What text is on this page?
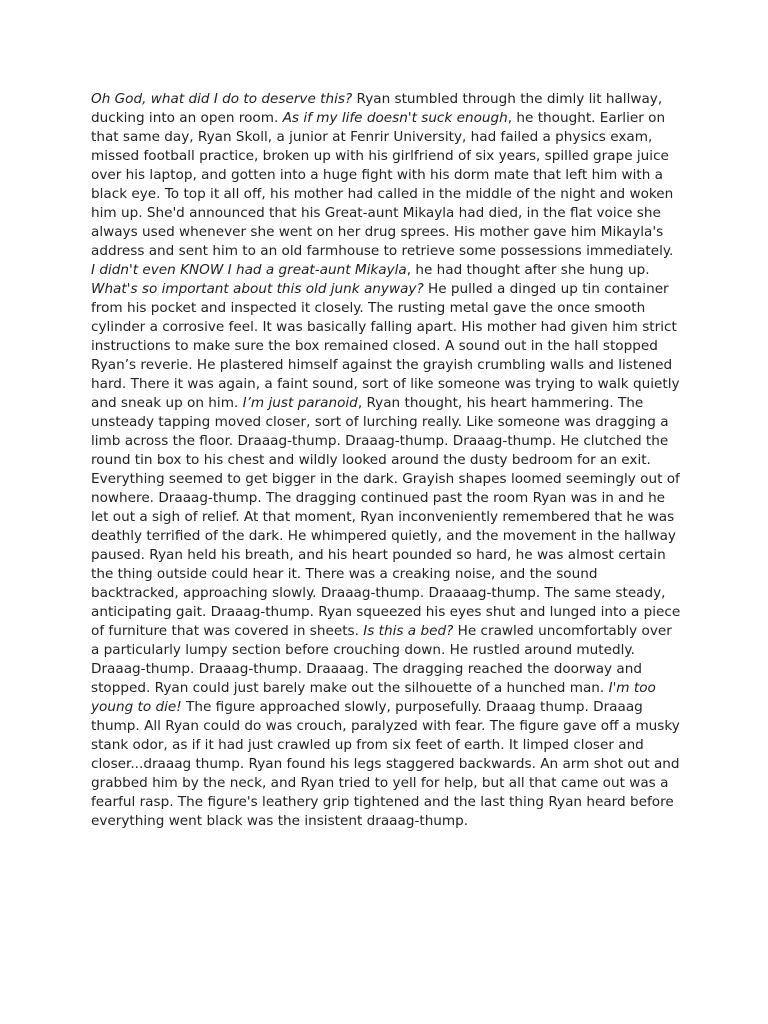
Oh God, what did I do to deserve this? Ryan stumbled through the dimly lit hallway, ducking into an open room. As if my life doesn't suck enough, he thought. Earlier on that same day, Ryan Skoll, a junior at Fenrir University, had failed a physics exam, missed football practice, broken up with his girlfriend of six years, spilled grape juice over his laptop, and gotten into a huge fight with his dorm mate that left him with a black eye. To top it all off, his mother had called in the middle of the night and woken him up. She'd announced that his Great-aunt Mikayla had died, in the flat voice she always used whenever she went on her drug sprees. His mother gave him Mikayla's address and sent him to an old farmhouse to retrieve some possessions immediately. I didn't even KNOW I had a great-aunt Mikayla, he had thought after she hung up. What's so important about this old junk anyway? He pulled a dinged up tin container from his pocket and inspected it closely. The rusting metal gave the once smooth cylinder a corrosive feel. It was basically falling apart. His mother had given him strict instructions to make sure the box remained closed. A sound out in the hall stopped Ryan’s reverie. He plastered himself against the grayish crumbling walls and listened hard. There it was again, a faint sound, sort of like someone was trying to walk quietly and sneak up on him. I’m just paranoid, Ryan thought, his heart hammering. The unsteady tapping moved closer, sort of lurching really. Like someone was dragging a limb across the floor. Draaag-thump. Draaag-thump. Draaag-thump. He clutched the round tin box to his chest and wildly looked around the dusty bedroom for an exit. Everything seemed to get bigger in the dark. Grayish shapes loomed seemingly out of nowhere. Draaag-thump. The dragging continued past the room Ryan was in and he let out a sigh of relief. At that moment, Ryan inconveniently remembered that he was deathly terrified of the dark. He whimpered quietly, and the movement in the hallway paused. Ryan held his breath, and his heart pounded so hard, he was almost certain the thing outside could hear it. There was a creaking noise, and the sound backtracked, approaching slowly. Draaag-thump. Draaaag-thump. The same steady, anticipating gait. Draaag-thump. Ryan squeezed his eyes shut and lunged into a piece of furniture that was covered in sheets. Is this a bed? He crawled uncomfortably over a particularly lumpy section before crouching down. He rustled around mutedly. Draaag-thump. Draaag-thump. Draaaag. The dragging reached the doorway and stopped. Ryan could just barely make out the silhouette of a hunched man. I'm too young to die! The figure approached slowly, purposefully. Draaag thump. Draaag thump. All Ryan could do was crouch, paralyzed with fear. The figure gave off a musky stank odor, as if it had just crawled up from six feet of earth. It limped closer and closer...draaag thump. Ryan found his legs staggered backwards. An arm shot out and grabbed him by the neck, and Ryan tried to yell for help, but all that came out was a fearful rasp. The figure's leathery grip tightened and the last thing Ryan heard before everything went black was the insistent draaag-thump.
